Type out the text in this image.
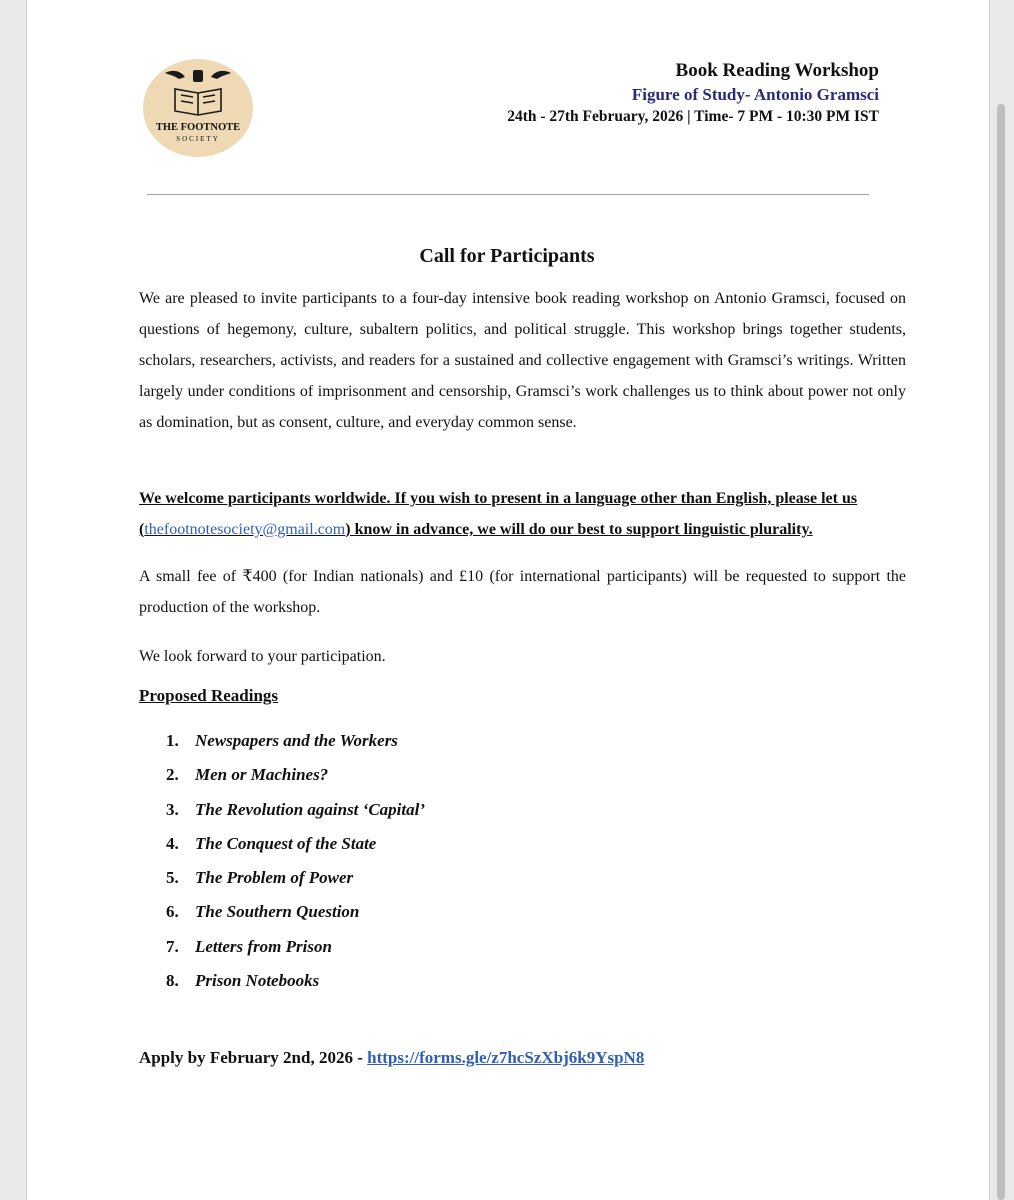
THE FOOTNOTE
SOCIETY
Book Reading Workshop
Figure of Study- Antonio Gramsci
24th - 27th February, 2026 | Time- 7 PM - 10:30 PM IST
Call for Participants

We are pleased to invite participants to a four-day intensive book reading workshop on Antonio Gramsci, focused on questions of hegemony, culture, subaltern politics, and political struggle. This workshop brings together students, scholars, researchers, activists, and readers for a sustained and collective engagement with Gramsci’s writings. Written largely under conditions of imprisonment and censorship, Gramsci’s work challenges us to think about power not only as domination, but as consent, culture, and everyday common sense.

We welcome participants worldwide. If you wish to present in a language other than English, please let us (thefootnotesociety@gmail.com) know in advance, we will do our best to support linguistic plurality.

A small fee of ₹400 (for Indian nationals) and £10 (for international participants) will be requested to support the production of the workshop.

We look forward to your participation.

Proposed Readings
1. Newspapers and the Workers
2. Men or Machines?
3. The Revolution against ‘Capital’
4. The Conquest of the State
5. The Problem of Power
6. The Southern Question
7. Letters from Prison
8. Prison Notebooks
Apply by February 2nd, 2026 - https://forms.gle/z7hcSzXbj6k9YspN8
